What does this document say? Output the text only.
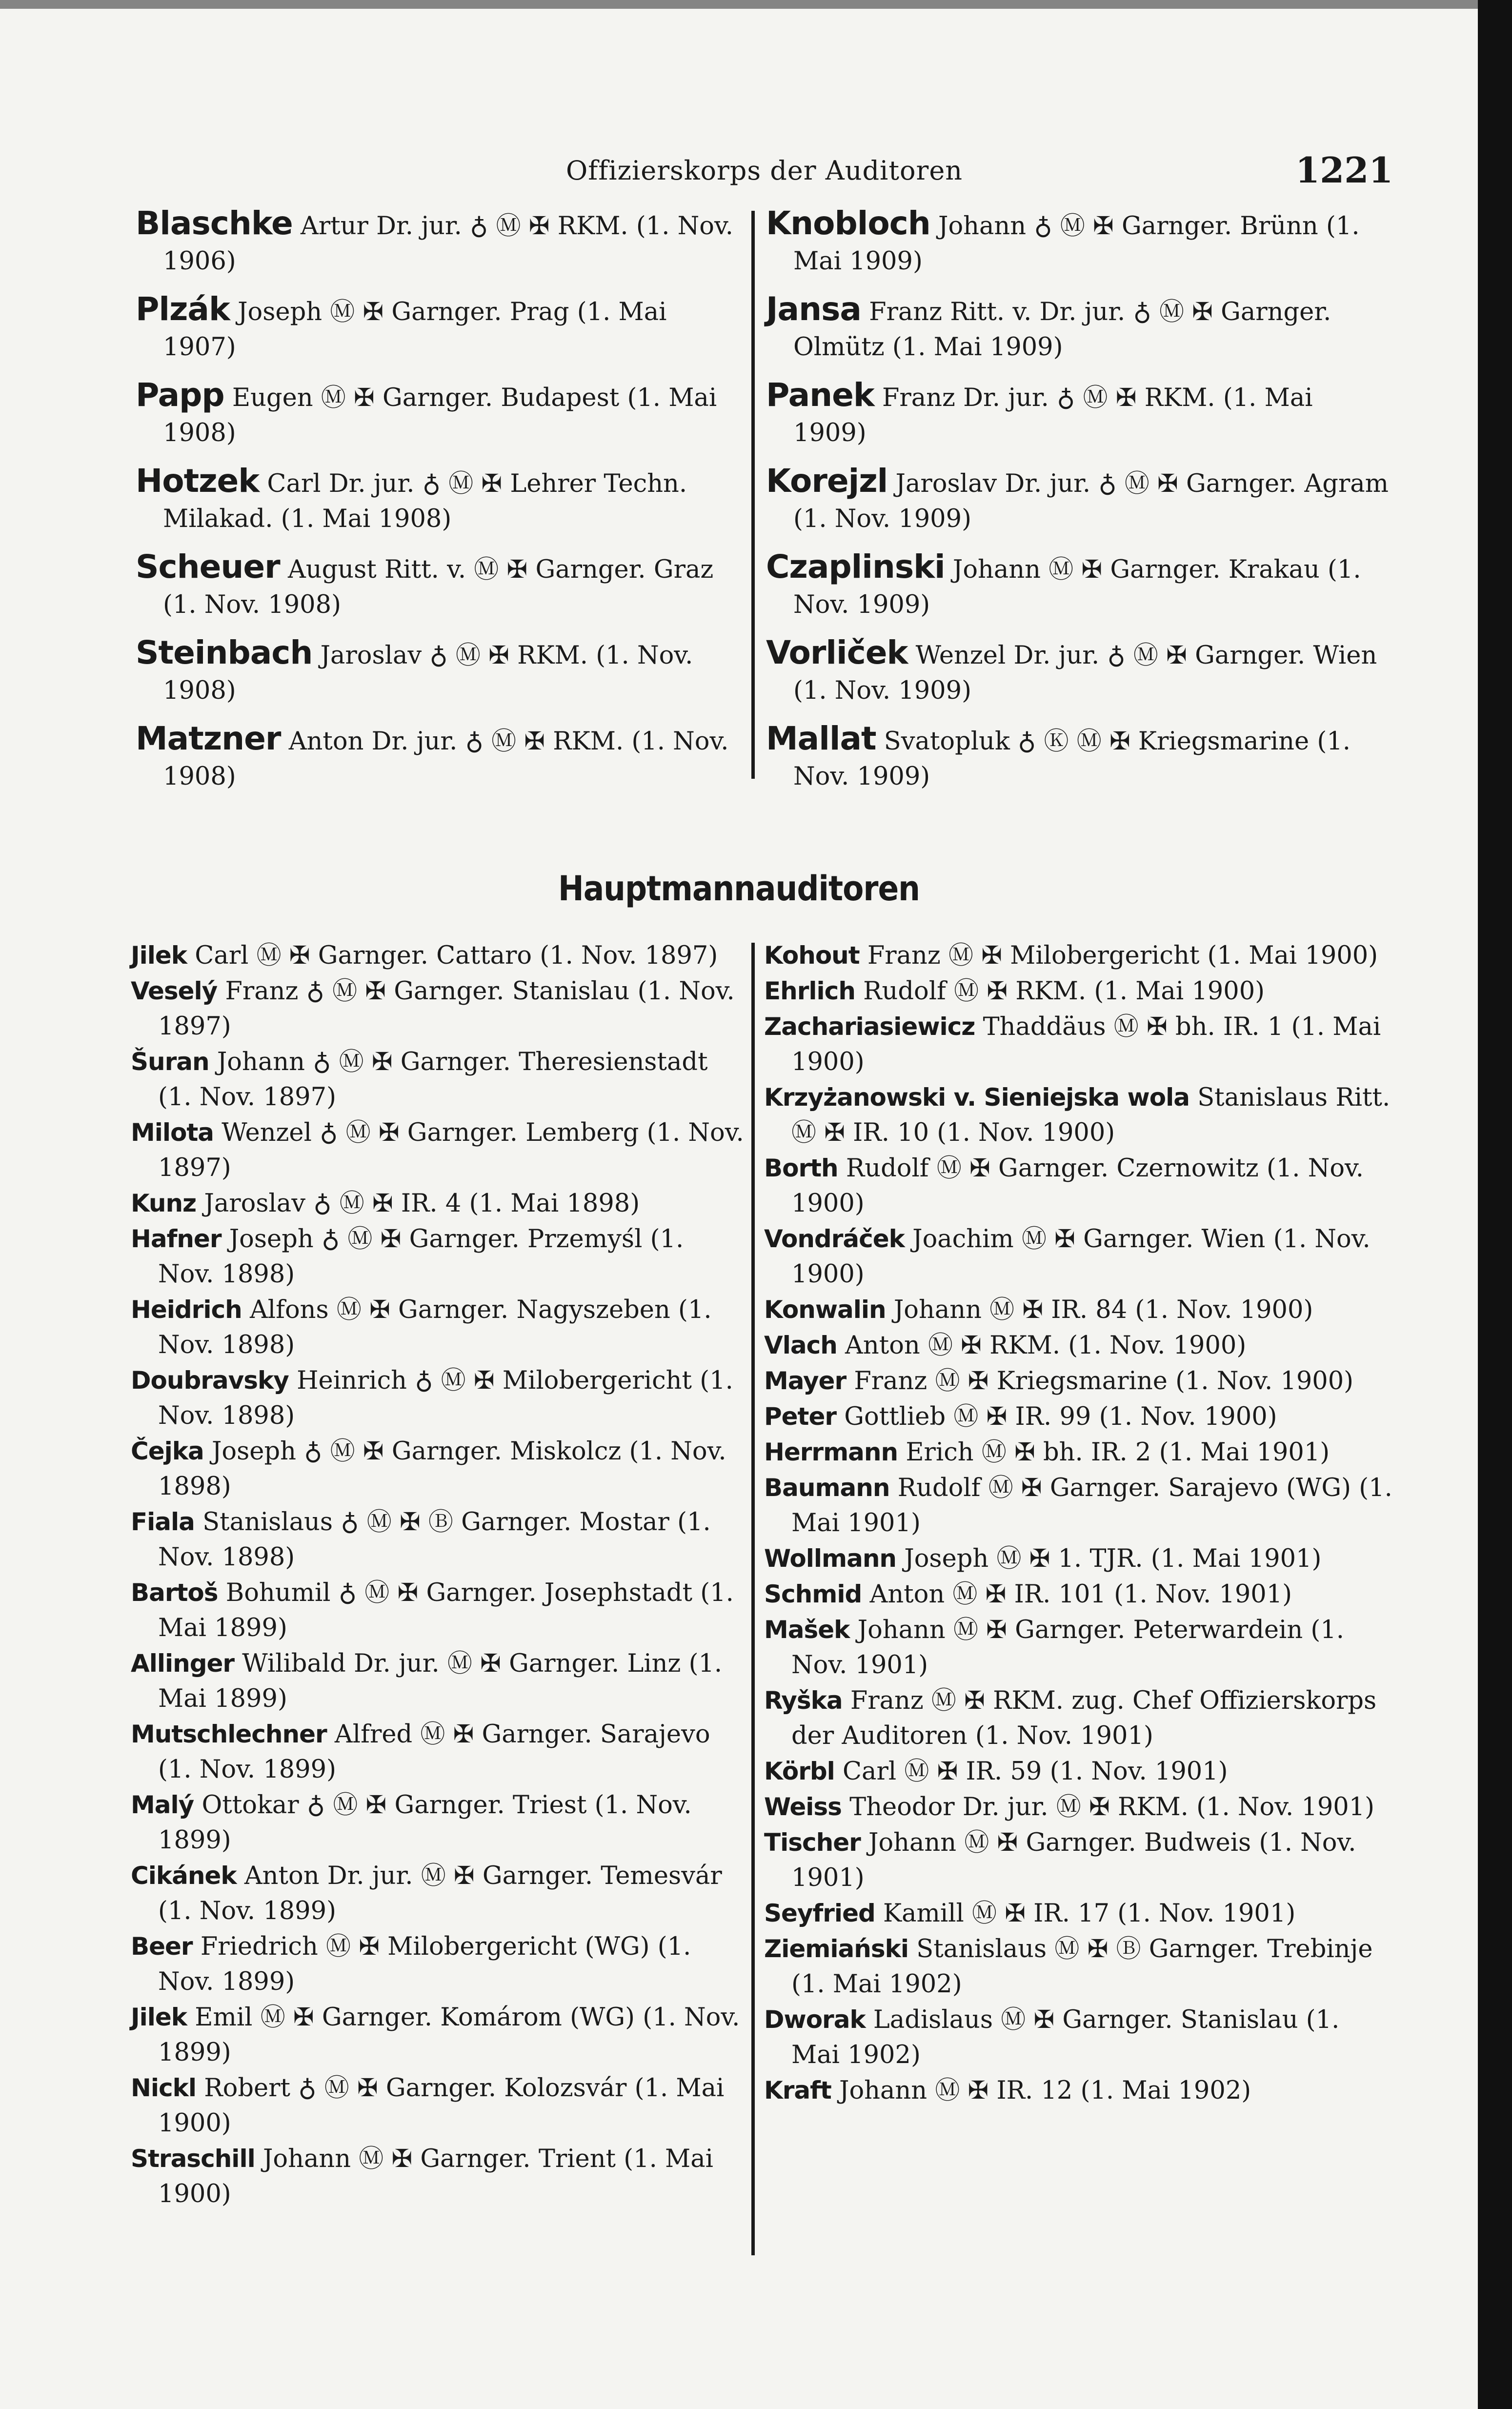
Offizierskorps der Auditoren	1221
Blaschke Artur Dr. jur. ♁ Ⓜ ✠ RKM. (1. Nov. 1906)
Plzák Joseph Ⓜ ✠ Garnger. Prag (1. Mai 1907)
Papp Eugen Ⓜ ✠ Garnger. Budapest (1. Mai 1908)
Hotzek Carl Dr. jur. ♁ Ⓜ ✠ Lehrer Techn. Milakad. (1. Mai 1908)
Scheuer August Ritt. v. Ⓜ ✠ Garnger. Graz (1. Nov. 1908)
Steinbach Jaroslav ♁ Ⓜ ✠ RKM. (1. Nov. 1908)
Matzner Anton Dr. jur. ♁ Ⓜ ✠ RKM. (1. Nov. 1908)
Knobloch Johann ♁ Ⓜ ✠ Garnger. Brünn (1. Mai 1909)
Jansa Franz Ritt. v. Dr. jur. ♁ Ⓜ ✠ Garnger. Olmütz (1. Mai 1909)
Panek Franz Dr. jur. ♁ Ⓜ ✠ RKM. (1. Mai 1909)
Korejzl Jaroslav Dr. jur. ♁ Ⓜ ✠ Garnger. Agram (1. Nov. 1909)
Czaplinski Johann Ⓜ ✠ Garnger. Krakau (1. Nov. 1909)
Vorliček Wenzel Dr. jur. ♁ Ⓜ ✠ Garnger. Wien (1. Nov. 1909)
Mallat Svatopluk ♁ Ⓚ Ⓜ ✠ Kriegsmarine (1. Nov. 1909)
Hauptmannauditoren
Jilek Carl Ⓜ ✠ Garnger. Cattaro (1. Nov. 1897)
Veselý Franz ♁ Ⓜ ✠ Garnger. Stanislau (1. Nov. 1897)
Šuran Johann ♁ Ⓜ ✠ Garnger. Theresienstadt (1. Nov. 1897)
Milota Wenzel ♁ Ⓜ ✠ Garnger. Lemberg (1. Nov. 1897)
Kunz Jaroslav ♁ Ⓜ ✠ IR. 4 (1. Mai 1898)
Hafner Joseph ♁ Ⓜ ✠ Garnger. Przemyśl (1. Nov. 1898)
Heidrich Alfons Ⓜ ✠ Garnger. Nagyszeben (1. Nov. 1898)
Doubravsky Heinrich ♁ Ⓜ ✠ Milobergericht (1. Nov. 1898)
Čejka Joseph ♁ Ⓜ ✠ Garnger. Miskolcz (1. Nov. 1898)
Fiala Stanislaus ♁ Ⓜ ✠ Ⓑ Garnger. Mostar (1. Nov. 1898)
Bartoš Bohumil ♁ Ⓜ ✠ Garnger. Josephstadt (1. Mai 1899)
Allinger Wilibald Dr. jur. Ⓜ ✠ Garnger. Linz (1. Mai 1899)
Mutschlechner Alfred Ⓜ ✠ Garnger. Sarajevo (1. Nov. 1899)
Malý Ottokar ♁ Ⓜ ✠ Garnger. Triest (1. Nov. 1899)
Cikánek Anton Dr. jur. Ⓜ ✠ Garnger. Temesvár (1. Nov. 1899)
Beer Friedrich Ⓜ ✠ Milobergericht (WG) (1. Nov. 1899)
Jilek Emil Ⓜ ✠ Garnger. Komárom (WG) (1. Nov. 1899)
Nickl Robert ♁ Ⓜ ✠ Garnger. Kolozsvár (1. Mai 1900)
Straschill Johann Ⓜ ✠ Garnger. Trient (1. Mai 1900)
Kohout Franz Ⓜ ✠ Milobergericht (1. Mai 1900)
Ehrlich Rudolf Ⓜ ✠ RKM. (1. Mai 1900)
Zachariasiewicz Thaddäus Ⓜ ✠ bh. IR. 1 (1. Mai 1900)
Krzyżanowski v. Sieniejska wola Stanislaus Ritt. Ⓜ ✠ IR. 10 (1. Nov. 1900)
Borth Rudolf Ⓜ ✠ Garnger. Czernowitz (1. Nov. 1900)
Vondráček Joachim Ⓜ ✠ Garnger. Wien (1. Nov. 1900)
Konwalin Johann Ⓜ ✠ IR. 84 (1. Nov. 1900)
Vlach Anton Ⓜ ✠ RKM. (1. Nov. 1900)
Mayer Franz Ⓜ ✠ Kriegsmarine (1. Nov. 1900)
Peter Gottlieb Ⓜ ✠ IR. 99 (1. Nov. 1900)
Herrmann Erich Ⓜ ✠ bh. IR. 2 (1. Mai 1901)
Baumann Rudolf Ⓜ ✠ Garnger. Sarajevo (WG) (1. Mai 1901)
Wollmann Joseph Ⓜ ✠ 1. TJR. (1. Mai 1901)
Schmid Anton Ⓜ ✠ IR. 101 (1. Nov. 1901)
Mašek Johann Ⓜ ✠ Garnger. Peterwardein (1. Nov. 1901)
Ryška Franz Ⓜ ✠ RKM. zug. Chef Offizierskorps der Auditoren (1. Nov. 1901)
Körbl Carl Ⓜ ✠ IR. 59 (1. Nov. 1901)
Weiss Theodor Dr. jur. Ⓜ ✠ RKM. (1. Nov. 1901)
Tischer Johann Ⓜ ✠ Garnger. Budweis (1. Nov. 1901)
Seyfried Kamill Ⓜ ✠ IR. 17 (1. Nov. 1901)
Ziemiański Stanislaus Ⓜ ✠ Ⓑ Garnger. Trebinje (1. Mai 1902)
Dworak Ladislaus Ⓜ ✠ Garnger. Stanislau (1. Mai 1902)
Kraft Johann Ⓜ ✠ IR. 12 (1. Mai 1902)
